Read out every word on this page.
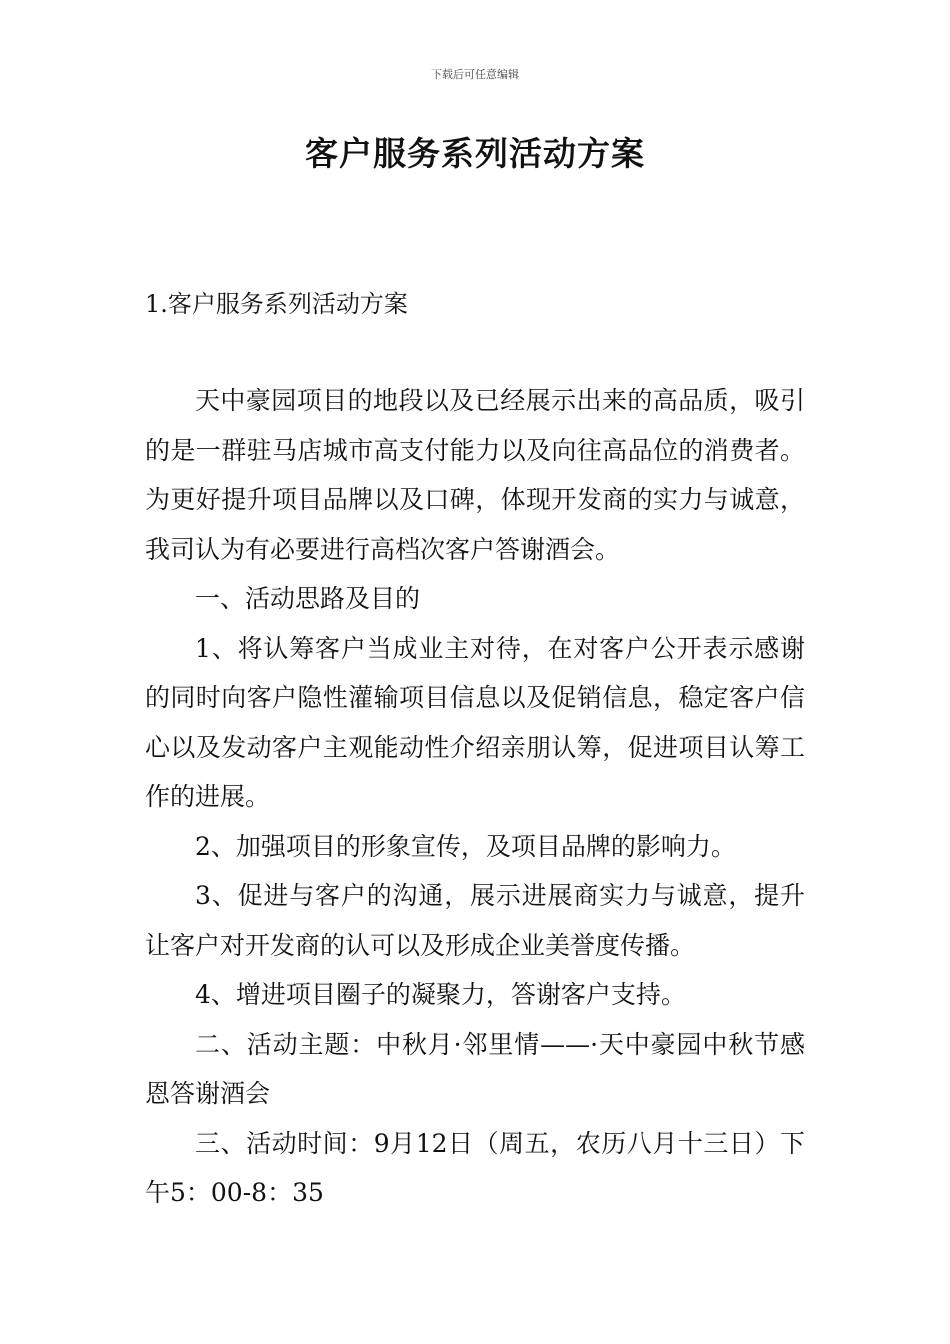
下载后可任意编辑
客户服务系列活动方案
1.客户服务系列活动方案

天中豪园项目的地段以及已经展示出来的高品质，吸引的是一群驻马店城市高支付能力以及向往高品位的消费者。为更好提升项目品牌以及口碑，体现开发商的实力与诚意，我司认为有必要进行高档次客户答谢酒会。

一、活动思路及目的

1、将认筹客户当成业主对待，在对客户公开表示感谢的同时向客户隐性灌输项目信息以及促销信息，稳定客户信心以及发动客户主观能动性介绍亲朋认筹，促进项目认筹工作的进展。

2、加强项目的形象宣传，及项目品牌的影响力。

3、促进与客户的沟通，展示进展商实力与诚意，提升让客户对开发商的认可以及形成企业美誉度传播。

4、增进项目圈子的凝聚力，答谢客户支持。

二、活动主题：中秋月·邻里情——·天中豪园中秋节感恩答谢酒会

三、活动时间：9月12日（周五，农历八月十三日）下午5：00-8：35
